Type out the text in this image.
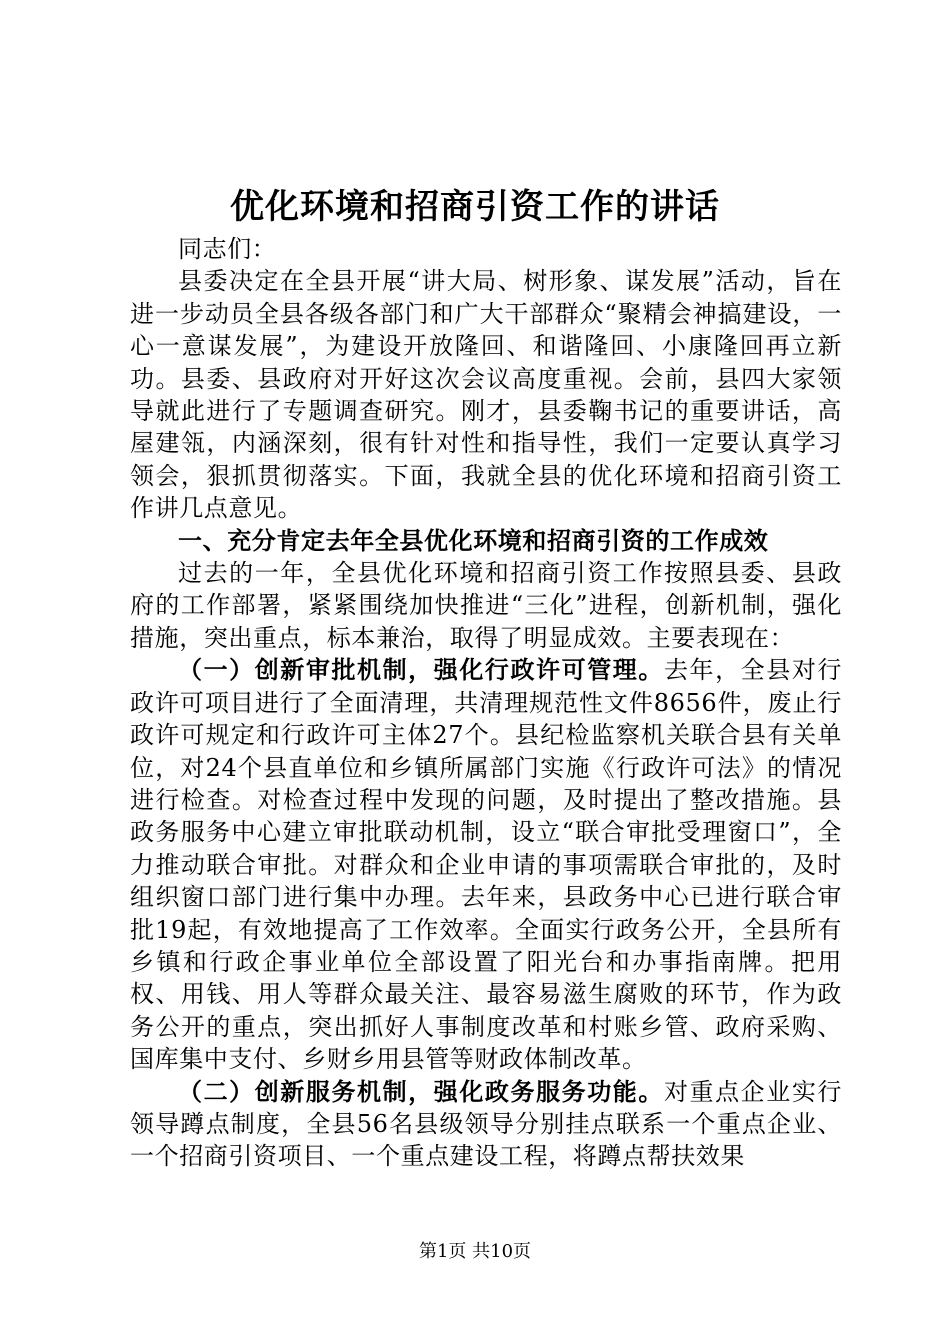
优化环境和招商引资工作的讲话

同志们：

县委决定在全县开展“讲大局、树形象、谋发展”活动，旨在进一步动员全县各级各部门和广大干部群众“聚精会神搞建设，一心一意谋发展”，为建设开放隆回、和谐隆回、小康隆回再立新功。县委、县政府对开好这次会议高度重视。会前，县四大家领导就此进行了专题调查研究。刚才，县委鞠书记的重要讲话，高屋建瓴，内涵深刻，很有针对性和指导性，我们一定要认真学习领会，狠抓贯彻落实。下面，我就全县的优化环境和招商引资工作讲几点意见。

一、充分肯定去年全县优化环境和招商引资的工作成效

过去的一年，全县优化环境和招商引资工作按照县委、县政府的工作部署，紧紧围绕加快推进“三化”进程，创新机制，强化措施，突出重点，标本兼治，取得了明显成效。主要表现在：

（一）创新审批机制，强化行政许可管理。去年，全县对行政许可项目进行了全面清理，共清理规范性文件8656件，废止行政许可规定和行政许可主体27个。县纪检监察机关联合县有关单位，对24个县直单位和乡镇所属部门实施《行政许可法》的情况进行检查。对检查过程中发现的问题，及时提出了整改措施。县政务服务中心建立审批联动机制，设立“联合审批受理窗口”，全力推动联合审批。对群众和企业申请的事项需联合审批的，及时组织窗口部门进行集中办理。去年来，县政务中心已进行联合审批19起，有效地提高了工作效率。全面实行政务公开，全县所有乡镇和行政企事业单位全部设置了阳光台和办事指南牌。把用权、用钱、用人等群众最关注、最容易滋生腐败的环节，作为政务公开的重点，突出抓好人事制度改革和村账乡管、政府采购、国库集中支付、乡财乡用县管等财政体制改革。

（二）创新服务机制，强化政务服务功能。对重点企业实行领导蹲点制度，全县56名县级领导分别挂点联系一个重点企业、一个招商引资项目、一个重点建设工程，将蹲点帮扶效果

第1页 共10页
